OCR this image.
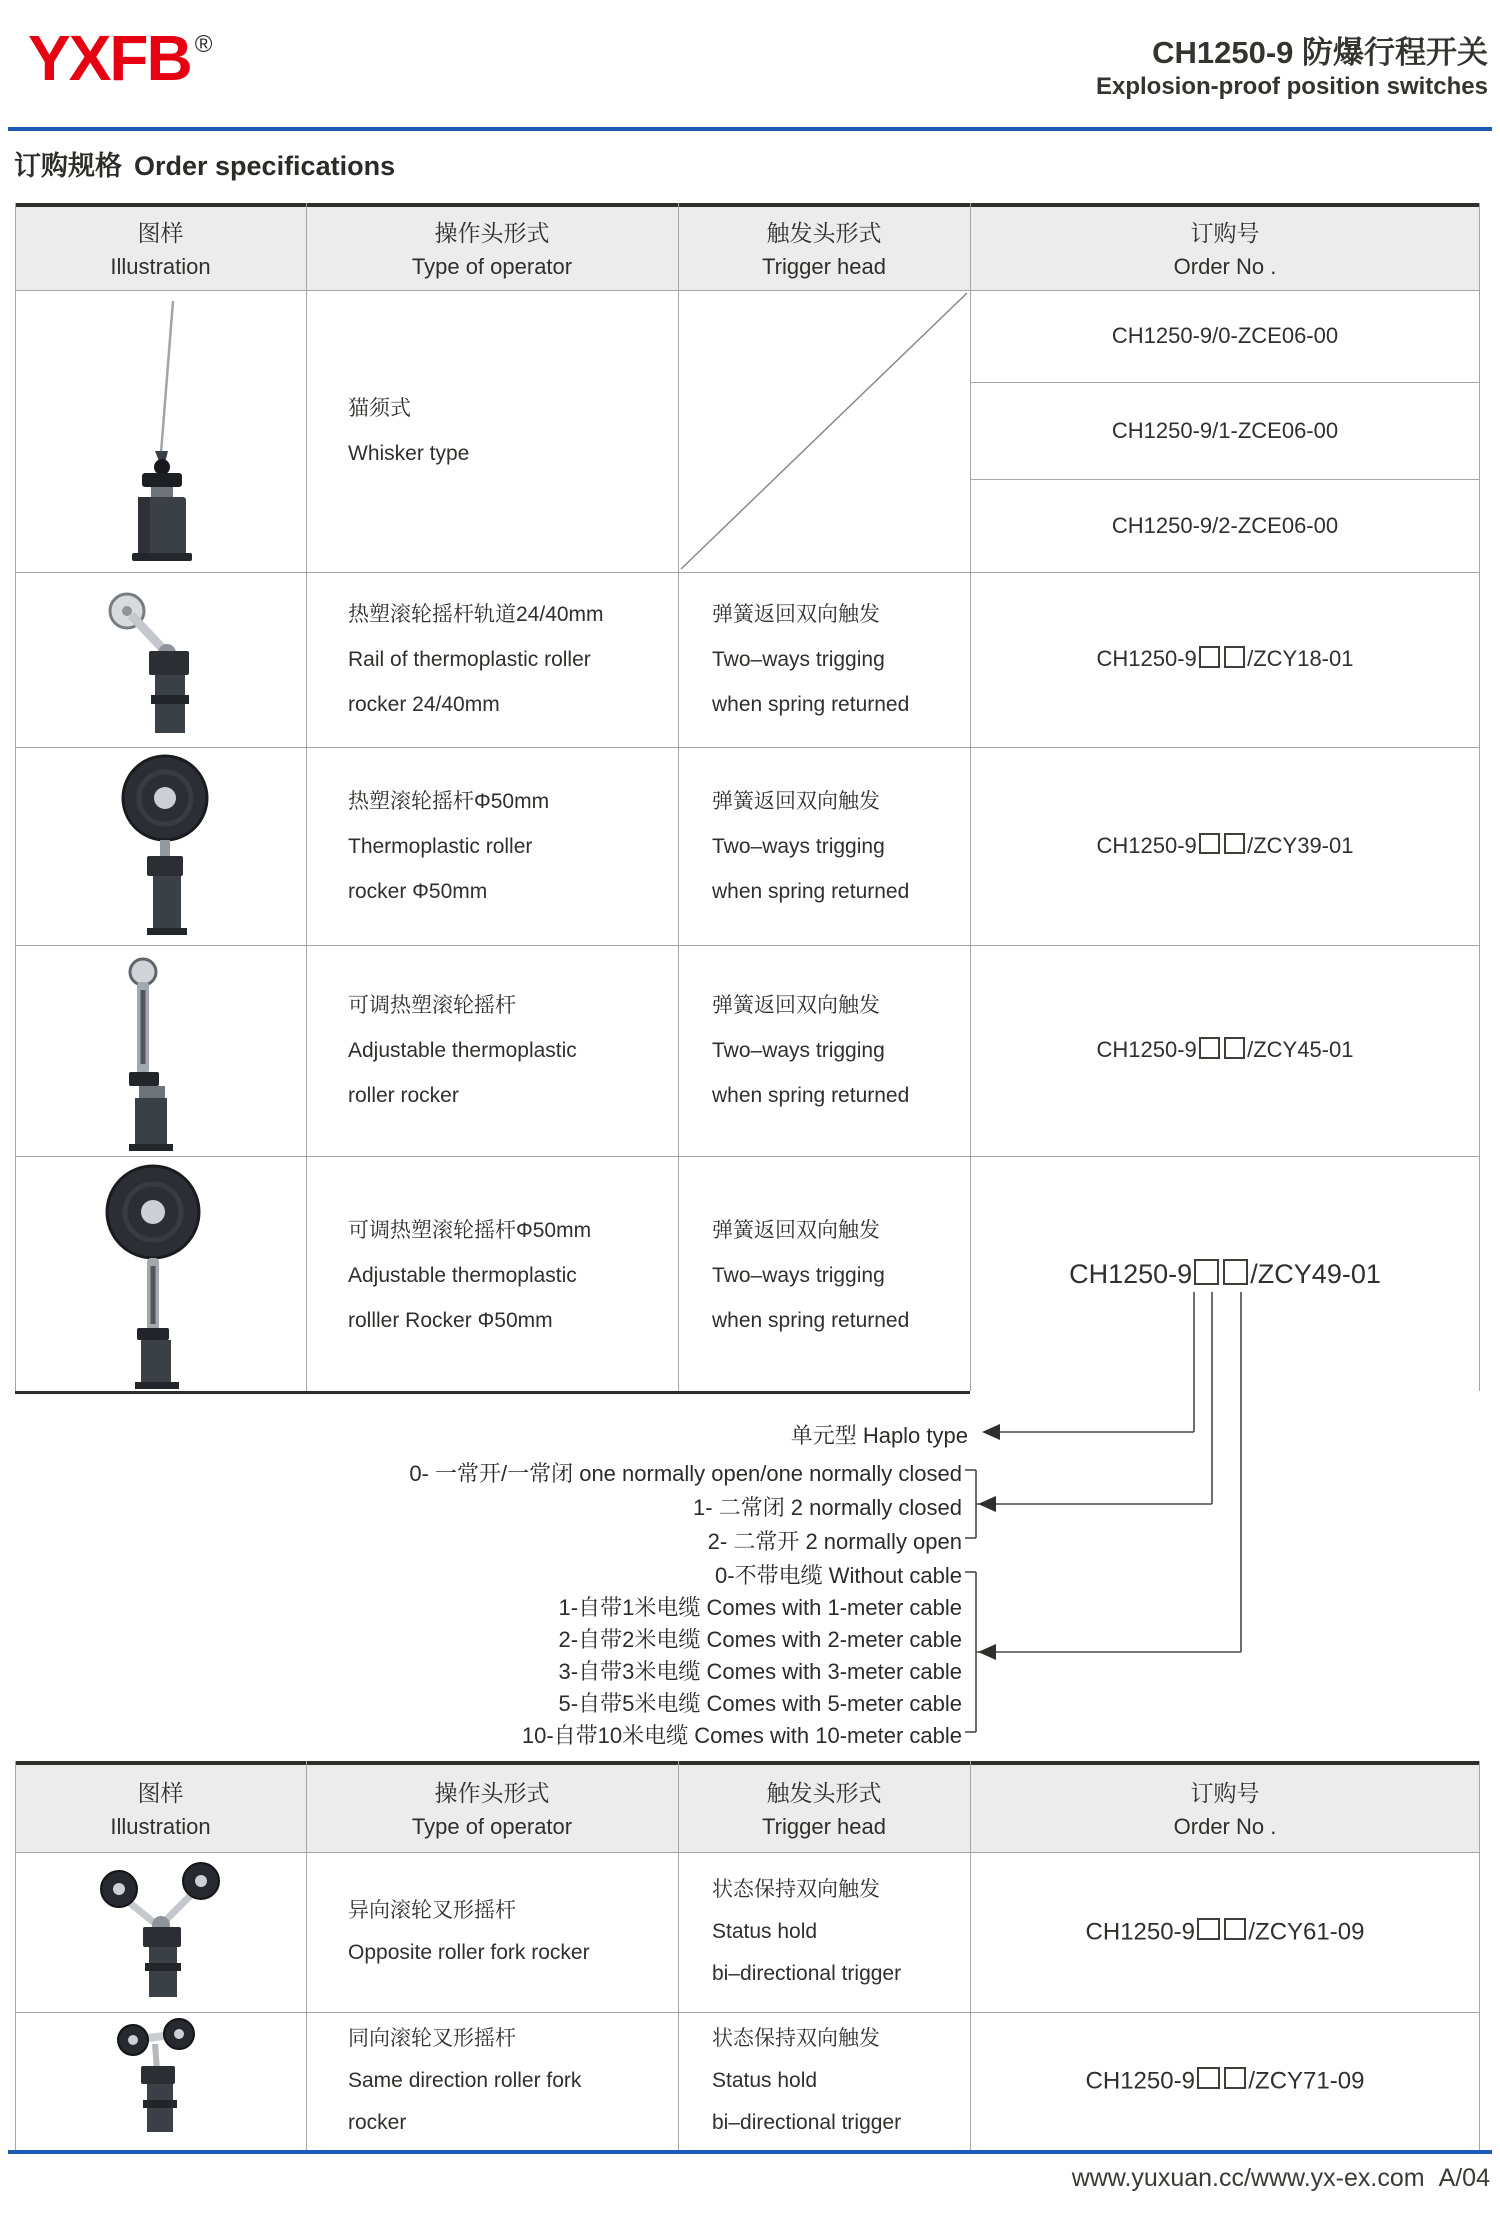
YXFB ®	CH1250-9 防爆行程开关
Explosion-proof position switches
订购规格 Order specifications
图样
Illustration
操作头形式
Type of operator
触发头形式
Trigger head
订购号
Order No .
猫须式
Whisker type
CH1250-9/0-ZCE06-00
CH1250-9/1-ZCE06-00
CH1250-9/2-ZCE06-00
热塑滚轮摇杆轨道24/40mm
Rail of thermoplastic roller
rocker 24/40mm
弹簧返回双向触发
Two–ways trigging
when spring returned
CH1250-9 /ZCY18-01
热塑滚轮摇杆Φ50mm
Thermoplastic roller
rocker Φ50mm
弹簧返回双向触发
Two–ways trigging
when spring returned
CH1250-9 /ZCY39-01
可调热塑滚轮摇杆
Adjustable thermoplastic
roller rocker
弹簧返回双向触发
Two–ways trigging
when spring returned
CH1250-9 /ZCY45-01
可调热塑滚轮摇杆Φ50mm
Adjustable thermoplastic
rolller Rocker Φ50mm
弹簧返回双向触发
Two–ways trigging
when spring returned
CH1250-9 /ZCY49-01
单元型 Haplo type
0- 一常开/一常闭 one normally open/one normally closed
1- 二常闭 2 normally closed
2- 二常开 2 normally open
0-不带电缆 Without cable
1-自带1米电缆 Comes with 1-meter cable
2-自带2米电缆 Comes with 2-meter cable
3-自带3米电缆 Comes with 3-meter cable
5-自带5米电缆 Comes with 5-meter cable
10-自带10米电缆 Comes with 10-meter cable
图样
Illustration
操作头形式
Type of operator
触发头形式
Trigger head
订购号
Order No .
异向滚轮叉形摇杆
Opposite roller fork rocker
状态保持双向触发
Status hold
bi–directional trigger
CH1250-9 /ZCY61-09
同向滚轮叉形摇杆
Same direction roller fork
rocker
状态保持双向触发
Status hold
bi–directional trigger
CH1250-9 /ZCY71-09
www.yuxuan.cc/www.yx-ex.com A/04
